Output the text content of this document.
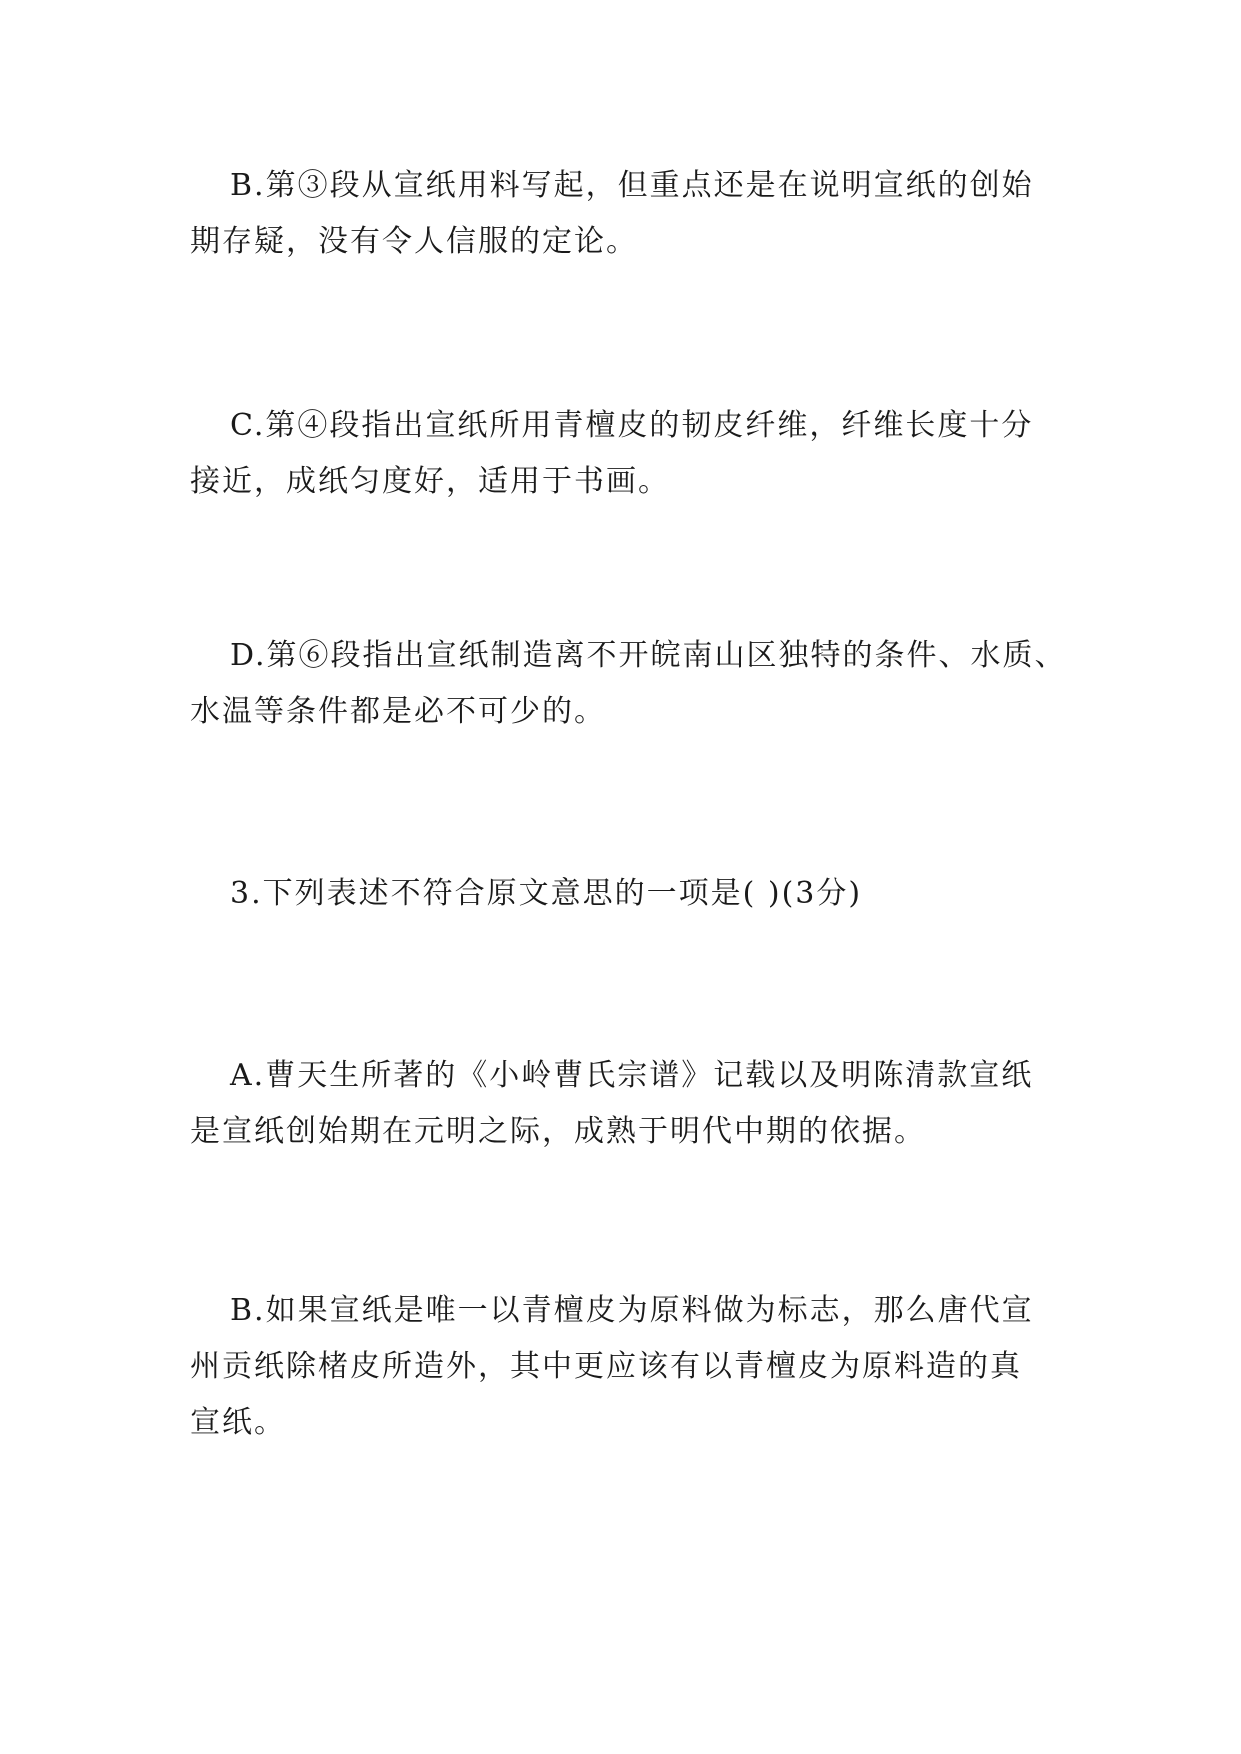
B.第③段从宣纸用料写起，但重点还是在说明宣纸的创始
期存疑，没有令人信服的定论。

C.第④段指出宣纸所用青檀皮的韧皮纤维，纤维长度十分
接近，成纸匀度好，适用于书画。

D.第⑥段指出宣纸制造离不开皖南山区独特的条件、水质、
水温等条件都是必不可少的。

3.下列表述不符合原文意思的一项是( )(3分)

A.曹天生所著的《小岭曹氏宗谱》记载以及明陈清款宣纸
是宣纸创始期在元明之际，成熟于明代中期的依据。

B.如果宣纸是唯一以青檀皮为原料做为标志，那么唐代宣
州贡纸除楮皮所造外，其中更应该有以青檀皮为原料造的真
宣纸。
